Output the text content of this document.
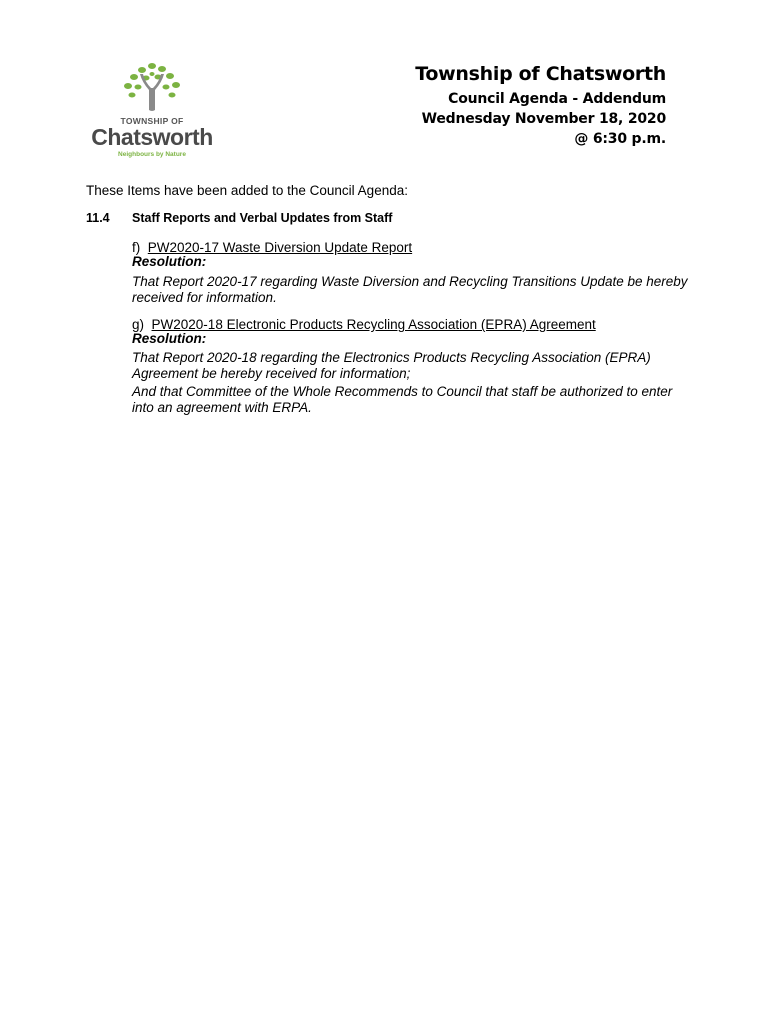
TOWNSHIP OF
Chatsworth
Neighbours by Nature
Township of Chatsworth
Council Agenda - Addendum
Wednesday November 18, 2020
@ 6:30 p.m.
These Items have been added to the Council Agenda:
11.4 Staff Reports and Verbal Updates from Staff
f) PW2020-17 Waste Diversion Update Report
Resolution:
That Report 2020-17 regarding Waste Diversion and Recycling Transitions Update be hereby received for information.
g) PW2020-18 Electronic Products Recycling Association (EPRA) Agreement
Resolution:
That Report 2020-18 regarding the Electronics Products Recycling Association (EPRA) Agreement be hereby received for information;
And that Committee of the Whole Recommends to Council that staff be authorized to enter into an agreement with ERPA.
